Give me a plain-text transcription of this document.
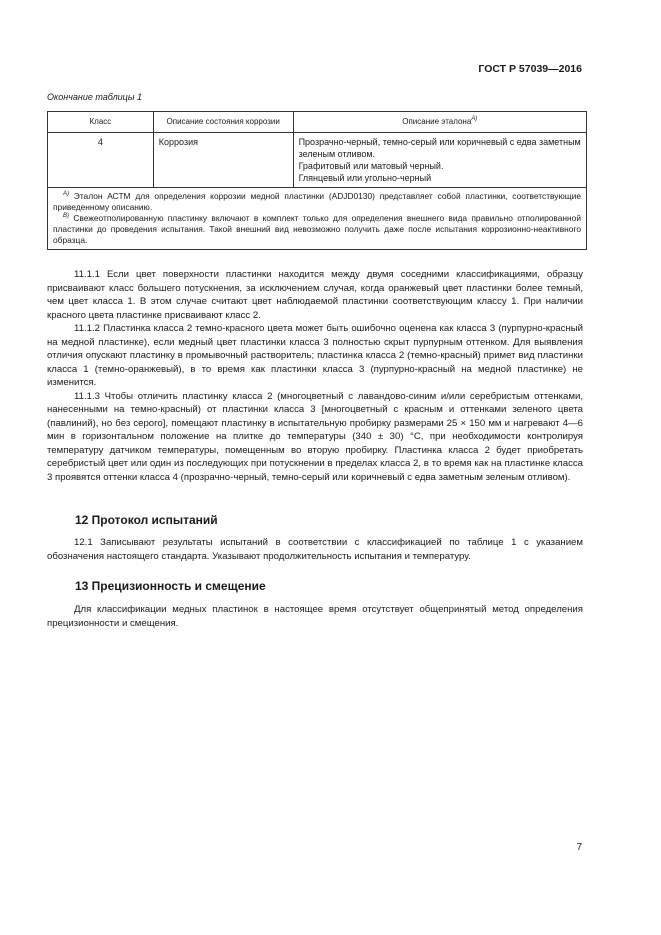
ГОСТ Р 57039—2016
Окончание таблицы 1
Класс	Описание состояния коррозии	Описание эталона$^{А)}$
4	Коррозия	Прозрачно-черный, темно-серый или коричневый с едва заметным зеленым отливом.
Графитовый или матовый черный.
Глянцевый или угольно-черный

$^{А)}$ Эталон АСТМ для определения коррозии медной пластинки (ADJD0130) представляет собой пластинки, соответствующие приведенному описанию.

$^{B)}$ Свежеотполированную пластинку включают в комплект только для определения внешнего вида правильно отполированной пластинки до проведения испытания. Такой внешний вид невозможно получить даже после испытания коррозионно-неактивного образца.		

11.1.1 Если цвет поверхности пластинки находится между двумя соседними классификациями, образцу присваивают класс большего потускнения, за исключением случая, когда оранжевый цвет пластинки более темный, чем цвет класса 1. В этом случае считают цвет наблюдаемой пластинки соответствующим классу 1. При наличии красного цвета пластинке присваивают класс 2.

11.1.2 Пластинка класса 2 темно-красного цвета может быть ошибочно оценена как класса 3 (пурпурно-красный на медной пластинке), если медный цвет пластинки класса 3 полностью скрыт пурпурным оттенком. Для выявления отличия опускают пластинку в промывочный растворитель; пластинка класса 2 (темно-красный) примет вид пластинки класса 1 (темно-оранжевый), в то время как пластинки класса 3 (пурпурно-красный на медной пластинке) не изменится.

11.1.3 Чтобы отличить пластинку класса 2 (многоцветный с лавандово-синим и/или серебристым оттенками, нанесенными на темно-красный) от пластинки класса 3 [многоцветный с красным и оттенками зеленого цвета (павлиний), но без серого], помещают пластинку в испытательную пробирку размерами 25 × 150 мм и нагревают 4—6 мин в горизонтальном положение на плитке до температуры (340 ± 30) °С, при необходимости контролируя температуру датчиком температуры, помещенным во вторую пробирку. Пластинка класса 2 будет приобретать серебристый цвет или один из последующих при потускнении в пределах класса 2, в то время как на пластинке класса 3 проявятся оттенки класса 4 (прозрачно-черный, темно-серый или коричневый с едва заметным зеленым отливом).

12 Протокол испытаний

12.1 Записывают результаты испытаний в соответствии с классификацией по таблице 1 с указанием обозначения настоящего стандарта. Указывают продолжительность испытания и температуру.

13 Прецизионность и смещение

Для классификации медных пластинок в настоящее время отсутствует общепринятый метод определения прецизионности и смещения.

7
